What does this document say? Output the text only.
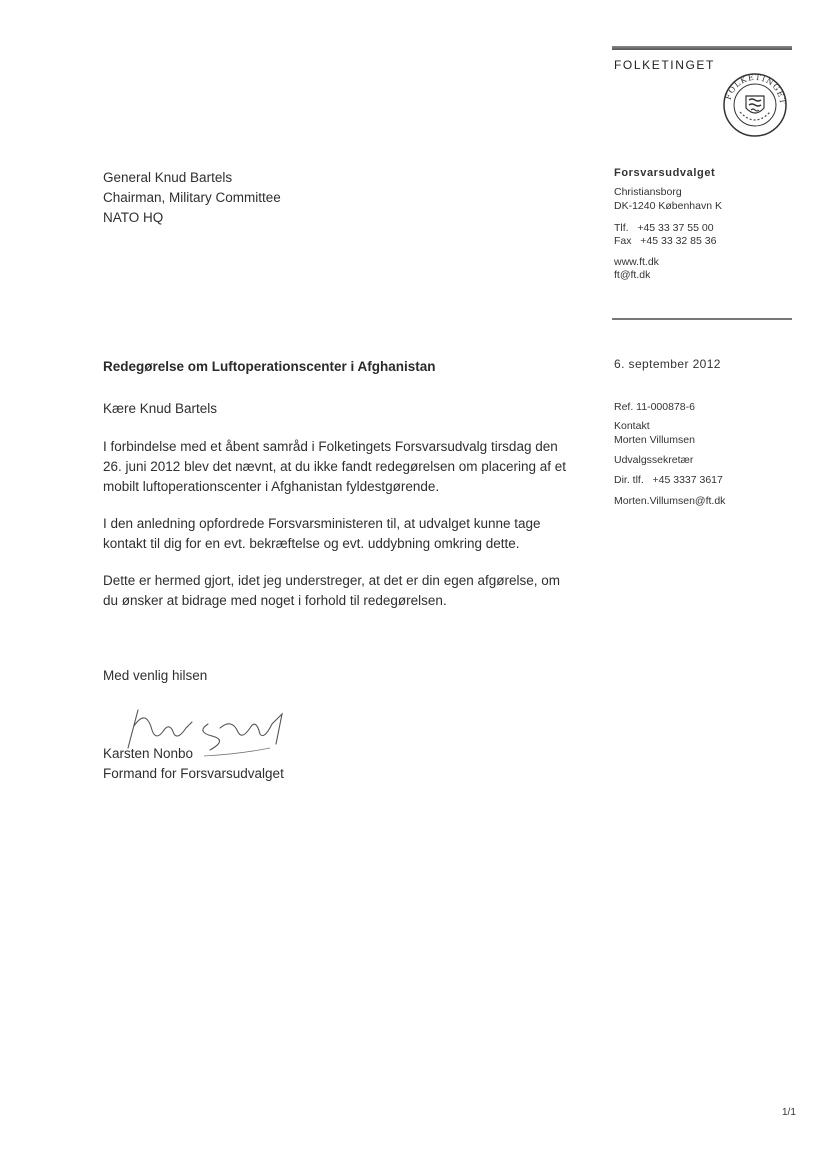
FOLKETINGET
FOLKETINGET
Forsvarsudvalget
Christiansborg
DK-1240 København K
Tlf.   +45 33 37 55 00
Fax   +45 33 32 85 36
www.ft.dk
ft@ft.dk
General Knud Bartels
Chairman, Military Committee
NATO HQ
6. september 2012
Ref. 11-000878-6
Kontakt
Morten Villumsen
Udvalgssekretær
Dir. tlf.   +45 3337 3617
Morten.Villumsen@ft.dk
Redegørelse om Luftoperationscenter i Afghanistan
Kære Knud Bartels
I forbindelse med et åbent samråd i Folketingets Forsvarsudvalg tirsdag den
26. juni 2012 blev det nævnt, at du ikke fandt redegørelsen om placering af et
mobilt luftoperationscenter i Afghanistan fyldestgørende.
I den anledning opfordrede Forsvarsministeren til, at udvalget kunne tage
kontakt til dig for en evt. bekræftelse og evt. uddybning omkring dette.
Dette er hermed gjort, idet jeg understreger, at det er din egen afgørelse, om
du ønsker at bidrage med noget i forhold til redegørelsen.
Med venlig hilsen
Karsten Nonbo
Formand for Forsvarsudvalget
1/1
